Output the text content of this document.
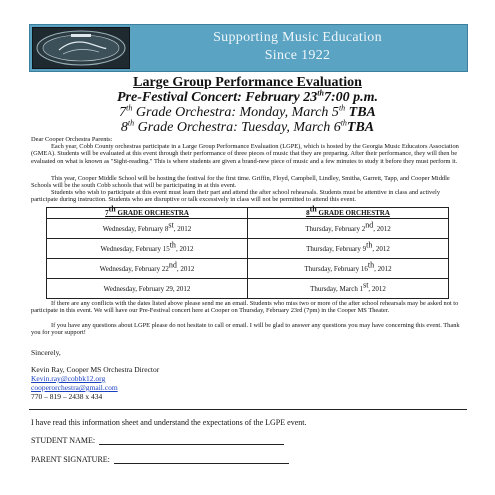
Supporting Music Education
Since 1922
Large Group Performance Evaluation
Pre-Festival Concert: February 23th7:00 p.m.
7th Grade Orchestra: Monday, March 5th TBA
8th Grade Orchestra: Tuesday, March 6thTBA

Dear Cooper Orchestra Parents:

Each year, Cobb County orchestras participate in a Large Group Performance Evaluation (LGPE), which is hosted by the Georgia Music Educators Association (GMEA). Students will be evaluated at this event through their performance of three pieces of music that they are preparing. After their performance, they will then be evaluated on what is known as "Sight-reading." This is where students are given a brand-new piece of music and a few minutes to study it before they must perform it.

This year, Cooper Middle School will be hosting the festival for the first time. Griffin, Floyd, Campbell, Lindley, Smitha, Garrett, Tapp, and Cooper Middle Schools will be the south Cobb schools that will be participating in at this event.

Students who wish to participate at this event must learn their part and attend the after school rehearsals. Students must be attentive in class and actively participate during instruction. Students who are disruptive or talk excessively in class will not be permitted to attend this event.

7th GRADE ORCHESTRA	8th GRADE ORCHESTRA
Wednesday, February 8st, 2012	Thursday, February 2nd, 2012
Wednesday, February 15th, 2012	Thursday, February 9th, 2012
Wednesday, February 22nd, 2012	Thursday, February 16th, 2012
Wednesday, February 29, 2012	Thursday, March 1st, 2012

If there are any conflicts with the dates listed above please send me an email. Students who miss two or more of the after school rehearsals may be asked not to participate in this event. We will have our Pre-Festival concert here at Cooper on Thursday, February 23rd (7pm) in the Cooper MS Theater.

If you have any questions about LGPE please do not hesitate to call or email. I will be glad to answer any questions you may have concerning this event. Thank you for your support!

Sincerely,
Kevin Ray, Cooper MS Orchestra Director
Kevin.ray@cobbk12.org
cooperorchestra@gmail.com
770 – 819 – 2438 x 434
I have read this information sheet and understand the expectations of the LGPE event.
STUDENT NAME:
PARENT SIGNATURE:
